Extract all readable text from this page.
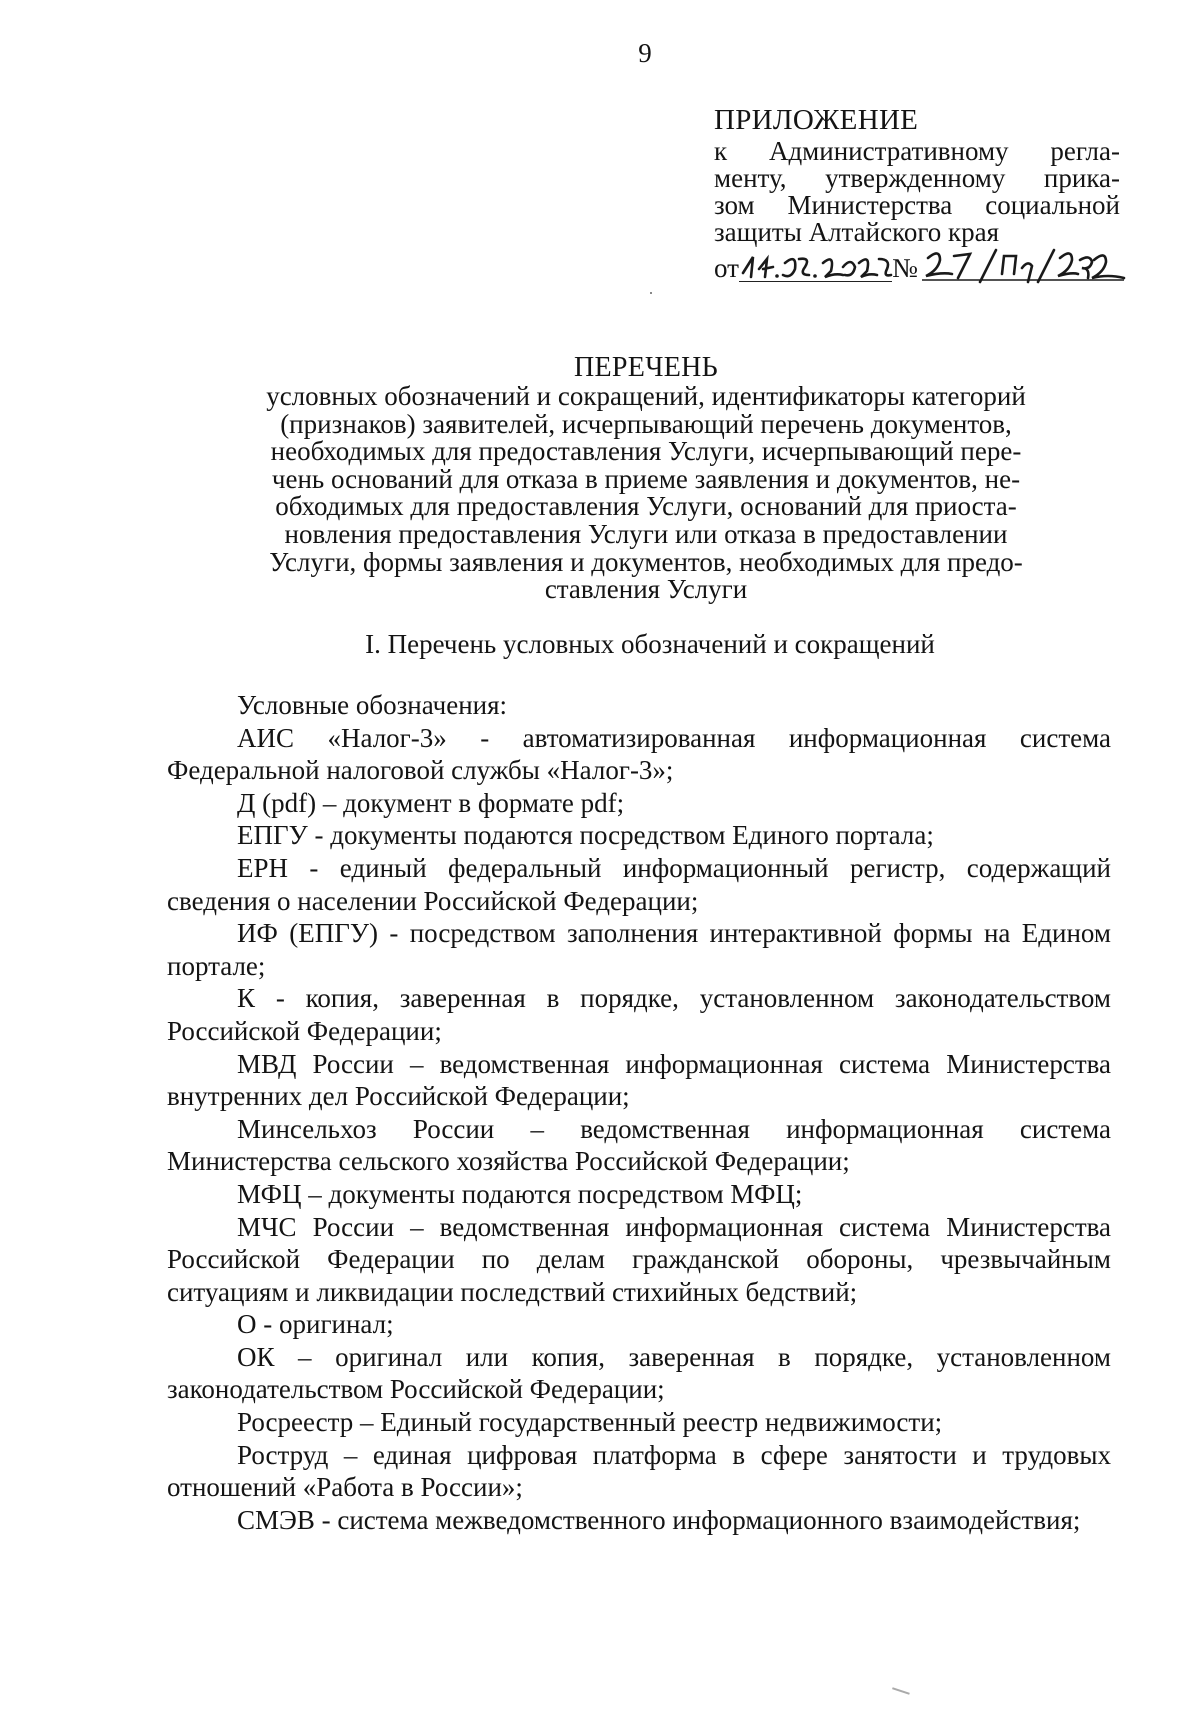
9
ПРИЛОЖЕНИЕ
к Административному регла-
менту, утвержденному прика-
зом Министерства социальной
защиты Алтайского края
от	№
ПЕРЕЧЕНЬ
условных обозначений и сокращений, идентификаторы категорий
(признаков) заявителей, исчерпывающий перечень документов,
необходимых для предоставления Услуги, исчерпывающий пере-
чень оснований для отказа в приеме заявления и документов, не-
обходимых для предоставления Услуги, оснований для приоста-
новления предоставления Услуги или отказа в предоставлении
Услуги, формы заявления и документов, необходимых для предо-
ставления Услуги
I. Перечень условных обозначений и сокращений
Условные обозначения:

АИС «Налог-3» - автоматизированная информационная система Федеральной налоговой службы «Налог-3»;

Д (pdf) – документ в формате pdf;

ЕПГУ - документы подаются посредством Единого портала;

ЕРН - единый федеральный информационный регистр, содержащий сведения о населении Российской Федерации;

ИФ (ЕПГУ) - посредством заполнения интерактивной формы на Едином портале;

К - копия, заверенная в порядке, установленном законодательством Российской Федерации;

МВД России – ведомственная информационная система Министерства внутренних дел Российской Федерации;

Минсельхоз России – ведомственная информационная система Министерства сельского хозяйства Российской Федерации;

МФЦ – документы подаются посредством МФЦ;

МЧС России – ведомственная информационная система Министерства Российской Федерации по делам гражданской обороны, чрезвычайным ситуациям и ликвидации последствий стихийных бедствий;

О - оригинал;

ОК – оригинал или копия, заверенная в порядке, установленном законодательством Российской Федерации;

Росреестр – Единый государственный реестр недвижимости;

Роструд – единая цифровая платформа в сфере занятости и трудовых отношений «Работа в России»;

СМЭВ - система межведомственного информационного взаимодействия;
